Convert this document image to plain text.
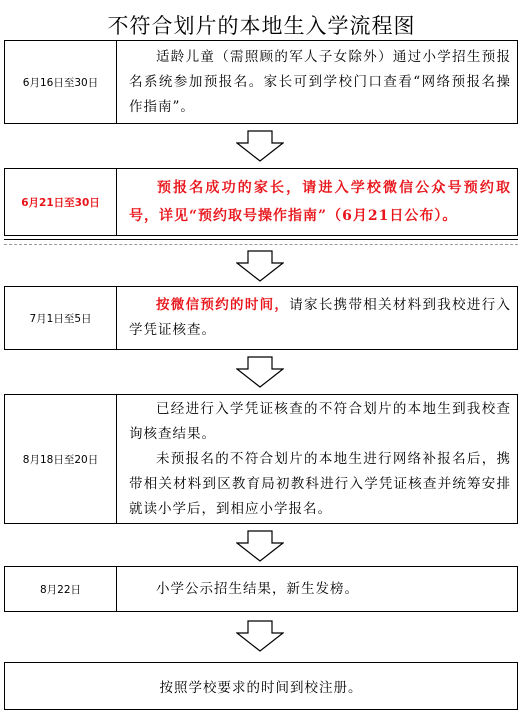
不符合划片的本地生入学流程图
6月16日至30日

适龄儿童（需照顾的军人子女除外）通过小学招生预报名系统参加预报名。家长可到学校门口查看“网络预报名操作指南”。

6月21日至30日

预报名成功的家长，请进入学校微信公众号预约取号，详见“预约取号操作指南”（6月21日公布）。

7月1日至5日

按微信预约的时间，请家长携带相关材料到我校进行入学凭证核查。

8月18日至20日

已经进行入学凭证核查的不符合划片的本地生到我校查询核查结果。

未预报名的不符合划片的本地生进行网络补报名后，携带相关材料到区教育局初教科进行入学凭证核查并统筹安排就读小学后，到相应小学报名。

8月22日	小学公示招生结果，新生发榜。

按照学校要求的时间到校注册。
